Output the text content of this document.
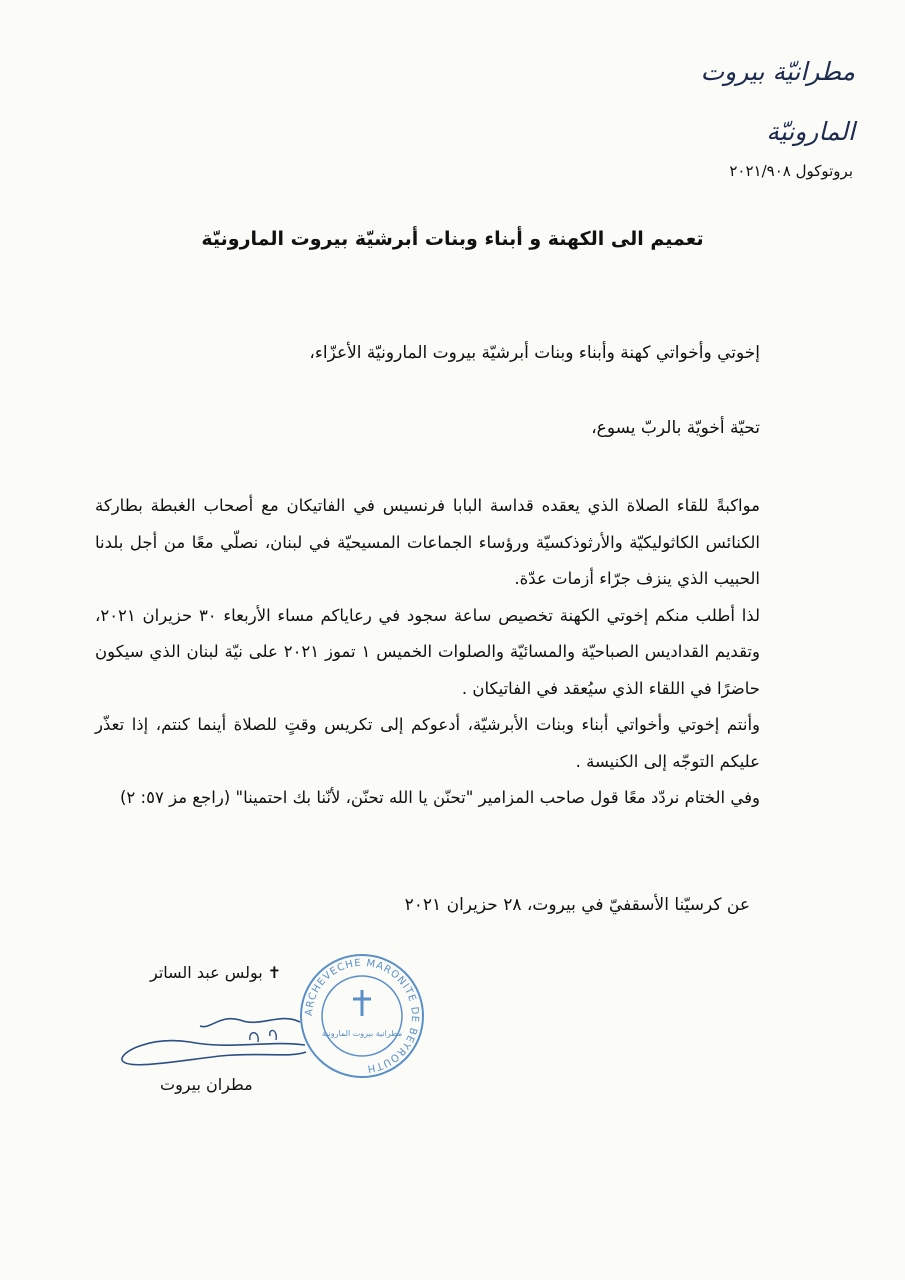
مطرانيّة بيروت المارونيّة
بروتوكول ٢٠٢١/٩٠٨
تعميم الى الكهنة و أبناء وبنات أبرشيّة بيروت المارونيّة
إخوتي وأخواتي كهنة وأبناء وبنات أبرشيّة بيروت المارونيّة الأعزّاء،
تحيّة أخويّة بالربّ يسوع،

مواكبةً للقاء الصلاة الذي يعقده قداسة البابا فرنسيس في الفاتيكان مع أصحاب الغبطة بطاركة الكنائس الكاثوليكيّة والأرثوذكسيّة ورؤساء الجماعات المسيحيّة في لبنان، نصلّي معًا من أجل بلدنا الحبيب الذي ينزف جرّاء أزمات عدّة.

لذا أطلب منكم إخوتي الكهنة تخصيص ساعة سجود في رعاياكم مساء الأربعاء ٣٠ حزيران ٢٠٢١، وتقديم القداديس الصباحيّة والمسائيّة والصلوات الخميس ١ تموز ٢٠٢١ على نيّة لبنان الذي سيكون حاضرًا في اللقاء الذي سيُعقد في الفاتيكان .

وأنتم إخوتي وأخواتي أبناء وبنات الأبرشيّة، أدعوكم إلى تكريس وقتٍ للصلاة أينما كنتم، إذا تعذّر عليكم التوجّه إلى الكنيسة .

وفي الختام نردّد معًا قول صاحب المزامير "تحنّن يا الله تحنّن، لأنّنا بك احتمينا" (راجع مز ٥٧: ٢)

عن كرسيّنا الأسقفيّ في بيروت، ٢٨ حزيران ٢٠٢١
✝ بولس عبد الساتر
ARCHEVECHE MARONITE DE BEYROUTH
مطرانية بيروت المارونية
مطران بيروت
